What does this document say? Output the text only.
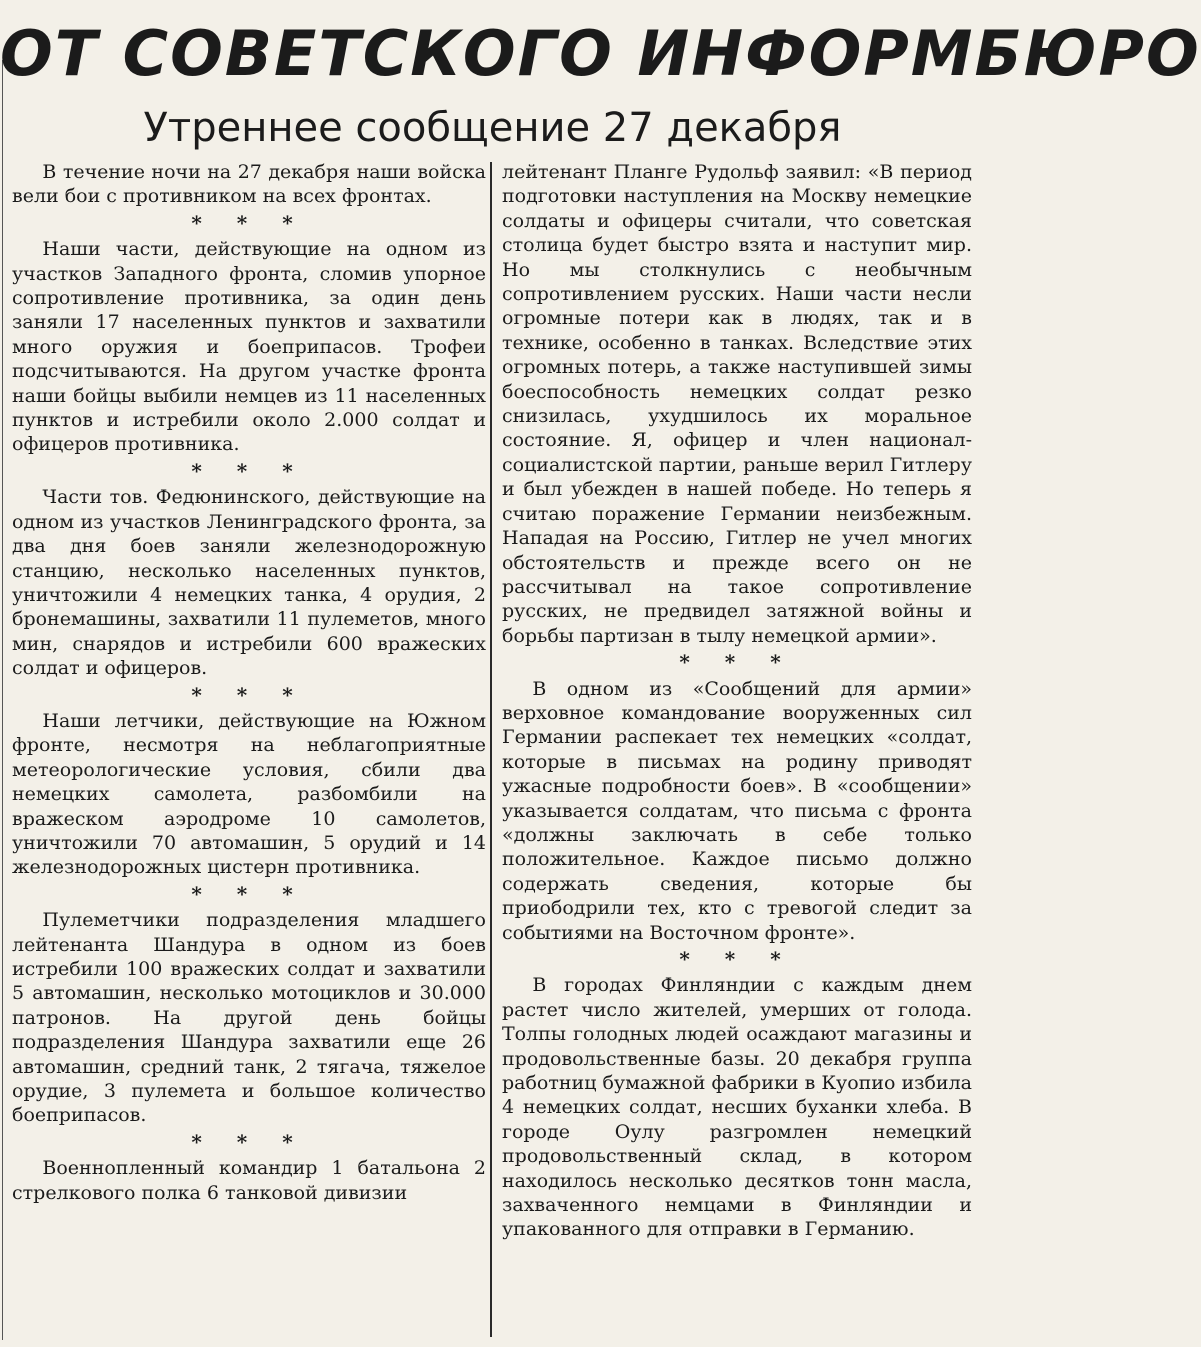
ОТ СОВЕТСКОГО ИНФОРМБЮРО
Утреннее сообщение 27 декабря

В течение ночи на 27 декабря наши войска вели бои с противником на всех фронтах.

* * *

Наши части, действующие на одном из участков Западного фронта, сломив упорное сопротивление противника, за один день заняли 17 населенных пунктов и захватили много оружия и боеприпасов. Трофеи подсчитываются. На другом участке фронта наши бойцы выбили немцев из 11 населенных пунктов и истребили около 2.000 солдат и офицеров противника.

* * *

Части тов. Федюнинского, действующие на одном из участков Ленинградского фронта, за два дня боев заняли железнодорожную станцию, несколько населенных пунктов, уничтожили 4 немецких танка, 4 орудия, 2 бронемашины, захватили 11 пулеметов, много мин, снарядов и истребили 600 вражеских солдат и офицеров.

* * *

Наши летчики, действующие на Южном фронте, несмотря на неблагоприятные метеорологические условия, сбили два немецких самолета, разбомбили на вражеском аэродроме 10 самолетов, уничтожили 70 автомашин, 5 орудий и 14 железнодорожных цистерн противника.

* * *

Пулеметчики подразделения младшего лейтенанта Шандура в одном из боев истребили 100 вражеских солдат и захватили 5 автомашин, несколько мотоциклов и 30.000 патронов. На другой день бойцы подразделения Шандура захватили еще 26 автомашин, средний танк, 2 тягача, тяжелое орудие, 3 пулемета и большое количество боеприпасов.

* * *

Военнопленный командир 1 батальона 2 стрелкового полка 6 танковой дивизии

лейтенант Планге Рудольф заявил: «В период подготовки наступления на Москву немецкие солдаты и офицеры считали, что советская столица будет быстро взята и наступит мир. Но мы столкнулись с необычным сопротивлением русских. Наши части несли огромные потери как в людях, так и в технике, особенно в танках. Вследствие этих огромных потерь, а также наступившей зимы боеспособность немецких солдат резко снизилась, ухудшилось их моральное состояние. Я, офицер и член национал-социалистской партии, раньше верил Гитлеру и был убежден в нашей победе. Но теперь я считаю поражение Германии неизбежным. Нападая на Россию, Гитлер не учел многих обстоятельств и прежде всего он не рассчитывал на такое сопротивление русских, не предвидел затяжной войны и борьбы партизан в тылу немецкой армии».

* * *

В одном из «Сообщений для армии» верховное командование вооруженных сил Германии распекает тех немецких «солдат, которые в письмах на родину приводят ужасные подробности боев». В «сообщении» указывается солдатам, что письма с фронта «должны заключать в себе только положительное. Каждое письмо должно содержать сведения, которые бы приободрили тех, кто с тревогой следит за событиями на Восточном фронте».

* * *

В городах Финляндии с каждым днем растет число жителей, умерших от голода. Толпы голодных людей осаждают магазины и продовольственные базы. 20 декабря группа работниц бумажной фабрики в Куопио избила 4 немецких солдат, несших буханки хлеба. В городе Оулу разгромлен немецкий продовольственный склад, в котором находилось несколько десятков тонн масла, захваченного немцами в Финляндии и упакованного для отправки в Германию.
